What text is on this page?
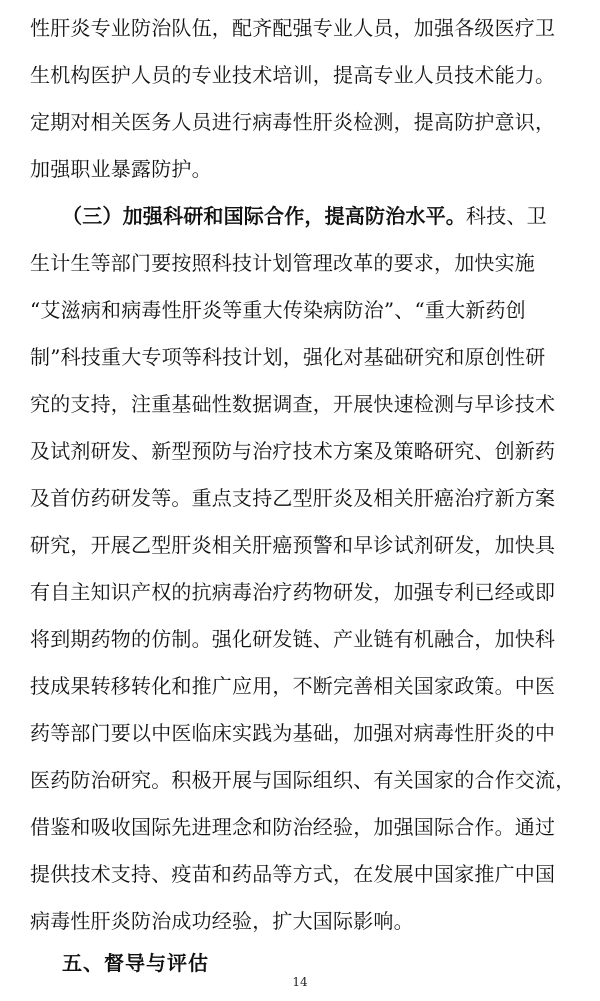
性肝炎专业防治队伍，配齐配强专业人员，加强各级医疗卫
生机构医护人员的专业技术培训，提高专业人员技术能力。
定期对相关医务人员进行病毒性肝炎检测，提高防护意识，
加强职业暴露防护。
（三）加强科研和国际合作，提高防治水平。科技、卫
生计生等部门要按照科技计划管理改革的要求，加快实施
“艾滋病和病毒性肝炎等重大传染病防治”、“重大新药创
制”科技重大专项等科技计划，强化对基础研究和原创性研
究的支持，注重基础性数据调查，开展快速检测与早诊技术
及试剂研发、新型预防与治疗技术方案及策略研究、创新药
及首仿药研发等。重点支持乙型肝炎及相关肝癌治疗新方案
研究，开展乙型肝炎相关肝癌预警和早诊试剂研发，加快具
有自主知识产权的抗病毒治疗药物研发，加强专利已经或即
将到期药物的仿制。强化研发链、产业链有机融合，加快科
技成果转移转化和推广应用，不断完善相关国家政策。中医
药等部门要以中医临床实践为基础，加强对病毒性肝炎的中
医药防治研究。积极开展与国际组织、有关国家的合作交流，
借鉴和吸收国际先进理念和防治经验，加强国际合作。通过
提供技术支持、疫苗和药品等方式，在发展中国家推广中国
病毒性肝炎防治成功经验，扩大国际影响。
五、督导与评估
14
